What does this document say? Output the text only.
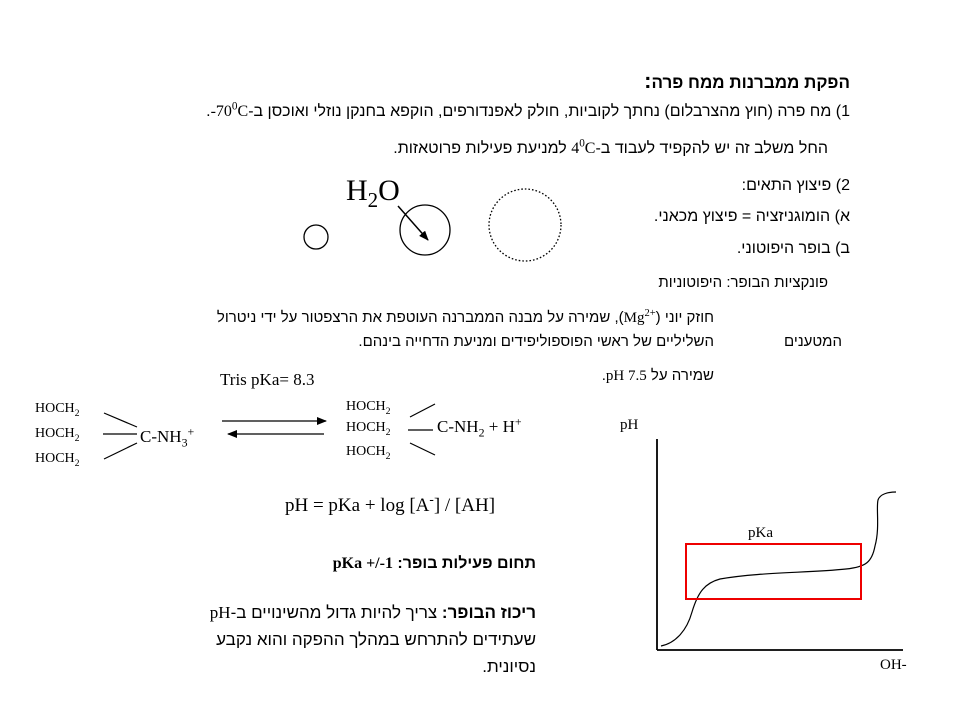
הפקת ממברנות ממח פרה:
1) מח פרה (חוץ מהצרבלום) נחתך לקוביות, חולק לאפנדורפים, הוקפא בחנקן נוזלי ואוכסן $ב--70^0C$.
החל משלב זה יש להקפיד לעבוד $ב-4^0C$ למניעת פעילות פרוטאזות.
2) פיצוץ התאים:
א) הומוגניזציה = פיצוץ מכאני.
ב) בופר היפוטוני.
פונקציות הבופר: היפוטוניות
חוזק יוני $(Mg^{2+})$, שמירה על מבנה הממברנה העוטפת את הרצפטור על ידי ניטרול
המטענים
השליליים של ראשי הפוספוליפידים ומניעת הדחייה בינהם.
שמירה על pH 7.5.
$H_2O$
Tris pKa= 8.3
$HOCH_2$
$HOCH_2$
$HOCH_2$
$C-NH_3^+$
$HOCH_2$
$HOCH_2$
$HOCH_2$
$C-NH_2 + H^+$
pH = pKa + log [A-] / [AH]
תחום פעילות בופר: pKa +/-1
ריכוז הבופר: צריך להיות גדול מהשינויים ב-pH
שעתידים להתרחש במהלך ההפקה והוא נקבע
נסיונית.
pH
OH-
pKa
